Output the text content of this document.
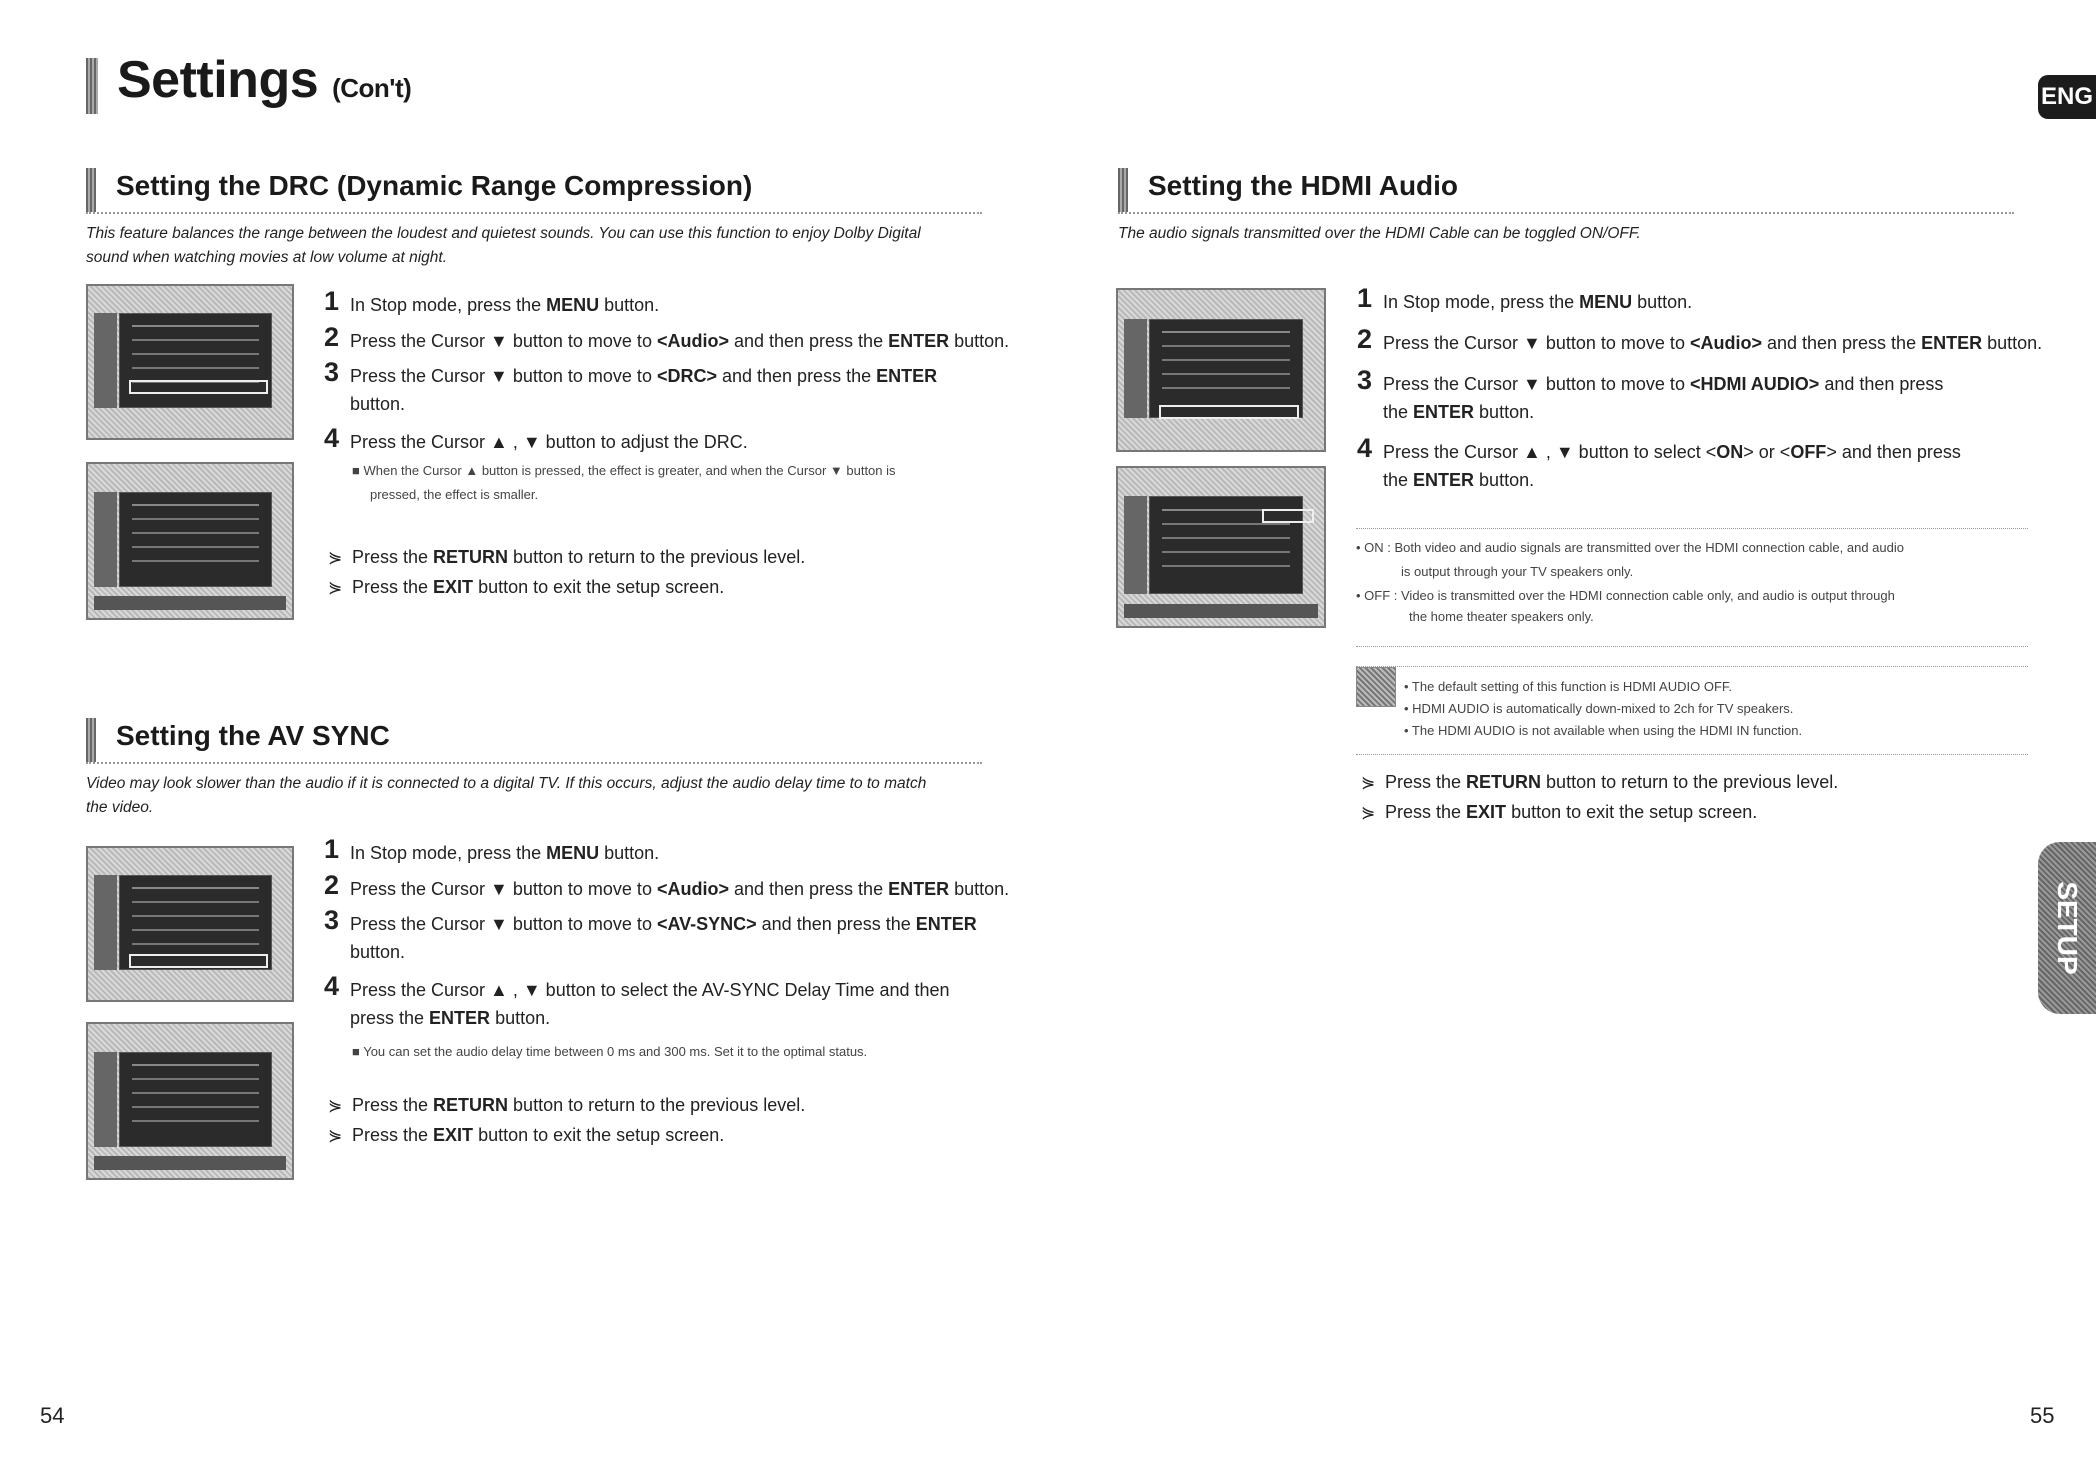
Settings (Con't)	ENG
SETUP
Setting the DRC (Dynamic Range Compression)
This feature balances the range between the loudest and quietest sounds. You can use this function to enjoy Dolby Digital
sound when watching movies at low volume at night.
1 In Stop mode, press the MENU button.
2 Press the Cursor ▼ button to move to <Audio> and then press the ENTER button.
3 Press the Cursor ▼ button to move to <DRC> and then press the ENTER
button.
4 Press the Cursor ▲ , ▼ button to adjust the DRC.
■ When the Cursor ▲ button is pressed, the effect is greater, and when the Cursor ▼ button is
pressed, the effect is smaller.
⋟ Press the RETURN button to return to the previous level.
⋟ Press the EXIT button to exit the setup screen.
Setting the AV SYNC
Video may look slower than the audio if it is connected to a digital TV. If this occurs, adjust the audio delay time to to match
the video.
1 In Stop mode, press the MENU button.
2 Press the Cursor ▼ button to move to <Audio> and then press the ENTER button.
3 Press the Cursor ▼ button to move to <AV-SYNC> and then press the ENTER
button.
4 Press the Cursor ▲ , ▼ button to select the AV-SYNC Delay Time and then
press the ENTER button.
■ You can set the audio delay time between 0 ms and 300 ms. Set it to the optimal status.
⋟ Press the RETURN button to return to the previous level.
⋟ Press the EXIT button to exit the setup screen.
Setting the HDMI Audio
The audio signals transmitted over the HDMI Cable can be toggled ON/OFF.
1 In Stop mode, press the MENU button.
2 Press the Cursor ▼ button to move to <Audio> and then press the ENTER button.
3 Press the Cursor ▼ button to move to <HDMI AUDIO> and then press
the ENTER button.
4 Press the Cursor ▲ , ▼ button to select <ON> or <OFF> and then press
the ENTER button.
• ON : Both video and audio signals are transmitted over the HDMI connection cable, and audio
is output through your TV speakers only.
• OFF : Video is transmitted over the HDMI connection cable only, and audio is output through
the home theater speakers only.
• The default setting of this function is HDMI AUDIO OFF.
• HDMI AUDIO is automatically down-mixed to 2ch for TV speakers.
• The HDMI AUDIO is not available when using the HDMI IN function.
⋟ Press the RETURN button to return to the previous level.
⋟ Press the EXIT button to exit the setup screen.
54	55
